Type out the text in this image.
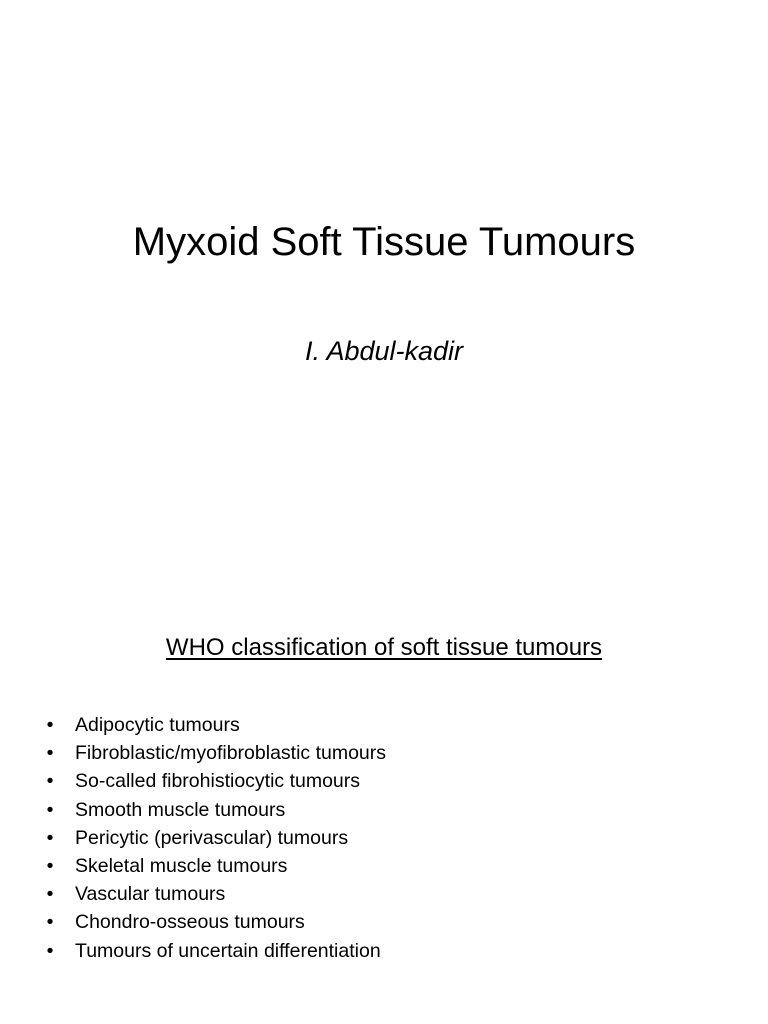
Myxoid Soft Tissue Tumours
I. Abdul-kadir
WHO classification of soft tissue tumours
• Adipocytic tumours
• Fibroblastic/myofibroblastic tumours
• So-called fibrohistiocytic tumours
• Smooth muscle tumours
• Pericytic (perivascular) tumours
• Skeletal muscle tumours
• Vascular tumours
• Chondro-osseous tumours
• Tumours of uncertain differentiation
